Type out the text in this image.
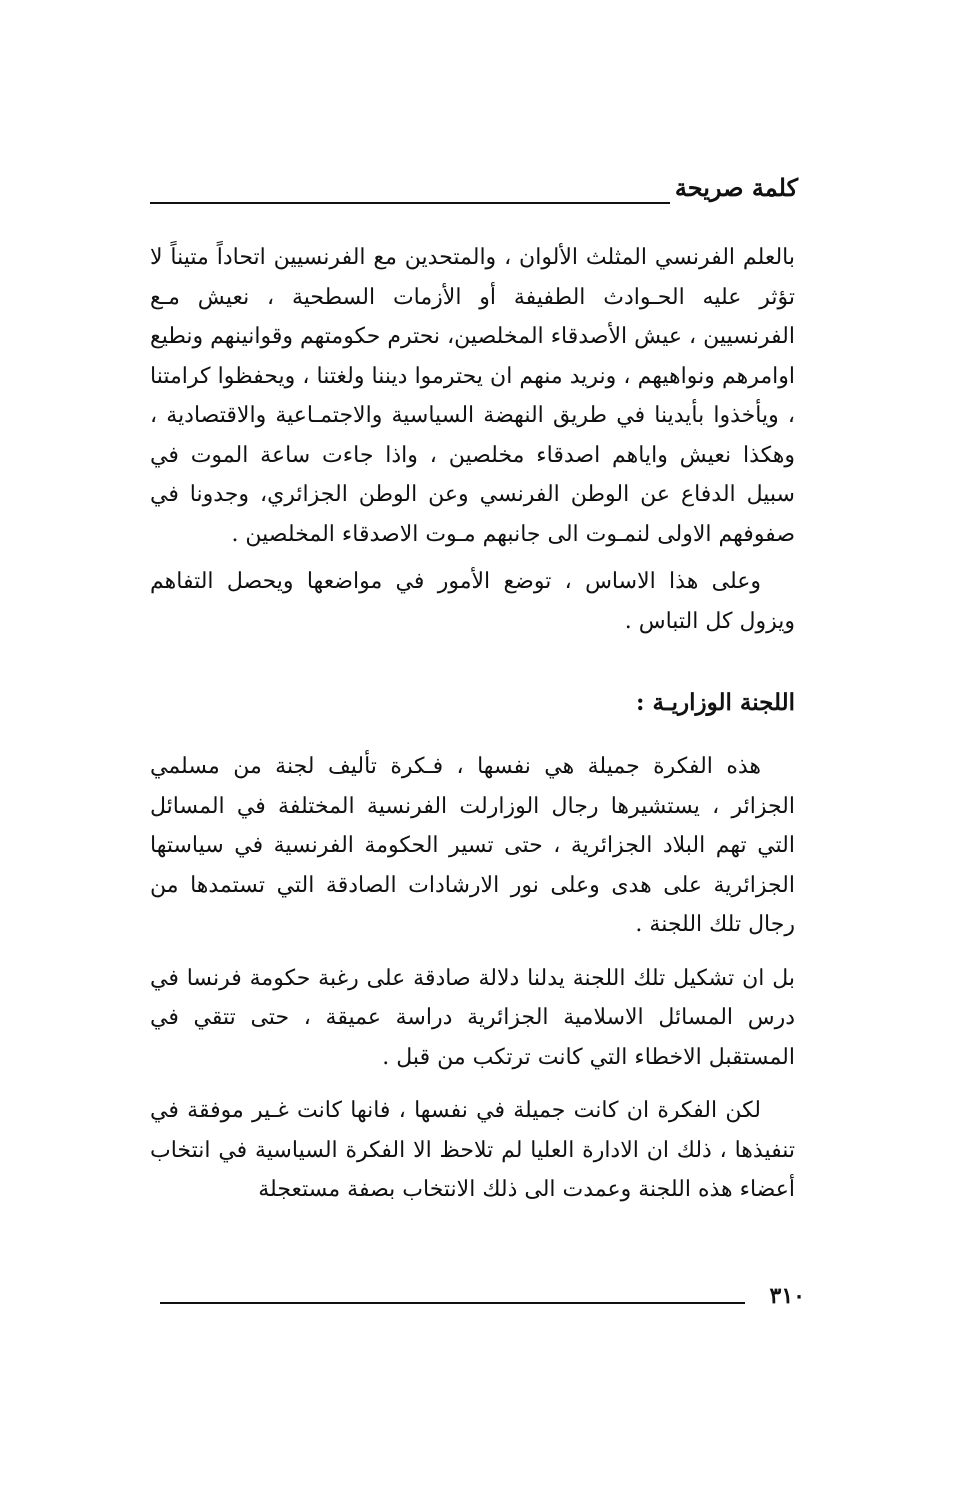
كلمة صريحة

بالعلم الفرنسي المثلث الألوان ، والمتحدين مع الفرنسيين اتحاداً متيناً لا تؤثر عليه الحـوادث الطفيفة أو الأزمات السطحية ، نعيش مـع الفرنسيين ، عيش الأصدقاء المخلصين، نحترم حكومتهم وقوانينهم ونطيع اوامرهم ونواهيهم ، ونريد منهم ان يحترموا ديننا ولغتنا ، ويحفظوا كرامتنا ، ويأخذوا بأيدينا في طريق النهضة السياسية والاجتمـاعية والاقتصادية ، وهكذا نعيش واياهم اصدقاء مخلصين ، واذا جاءت ساعة الموت في سبيل الدفاع عن الوطن الفرنسي وعن الوطن الجزائري، وجدونا في صفوفهم الاولى لنمـوت الى جانبهم مـوت الاصدقاء المخلصين .

وعلى هذا الاساس ، توضع الأمور في مواضعها ويحصل التفاهم ويزول كل التباس .

اللجنة الوزاريـة :

هذه الفكرة جميلة هي نفسها ، فـكرة تأليف لجنة من مسلمي الجزائر ، يستشيرها رجال الوزارلت الفرنسية المختلفة في المسائل التي تهم البلاد الجزائرية ، حتى تسير الحكومة الفرنسية في سياستها الجزائرية على هدى وعلى نور الارشادات الصادقة التي تستمدها من رجال تلك اللجنة .

بل ان تشكيل تلك اللجنة يدلنا دلالة صادقة على رغبة حكومة فرنسا في درس المسائل الاسلامية الجزائرية دراسة عميقة ، حتى تتقي في المستقبل الاخطاء التي كانت ترتكب من قبل .

لكن الفكرة ان كانت جميلة في نفسها ، فانها كانت غـير موفقة في تنفيذها ، ذلك ان الادارة العليا لم تلاحظ الا الفكرة السياسية في انتخاب أعضاء هذه اللجنة وعمدت الى ذلك الانتخاب بصفة مستعجلة

٣١٠
